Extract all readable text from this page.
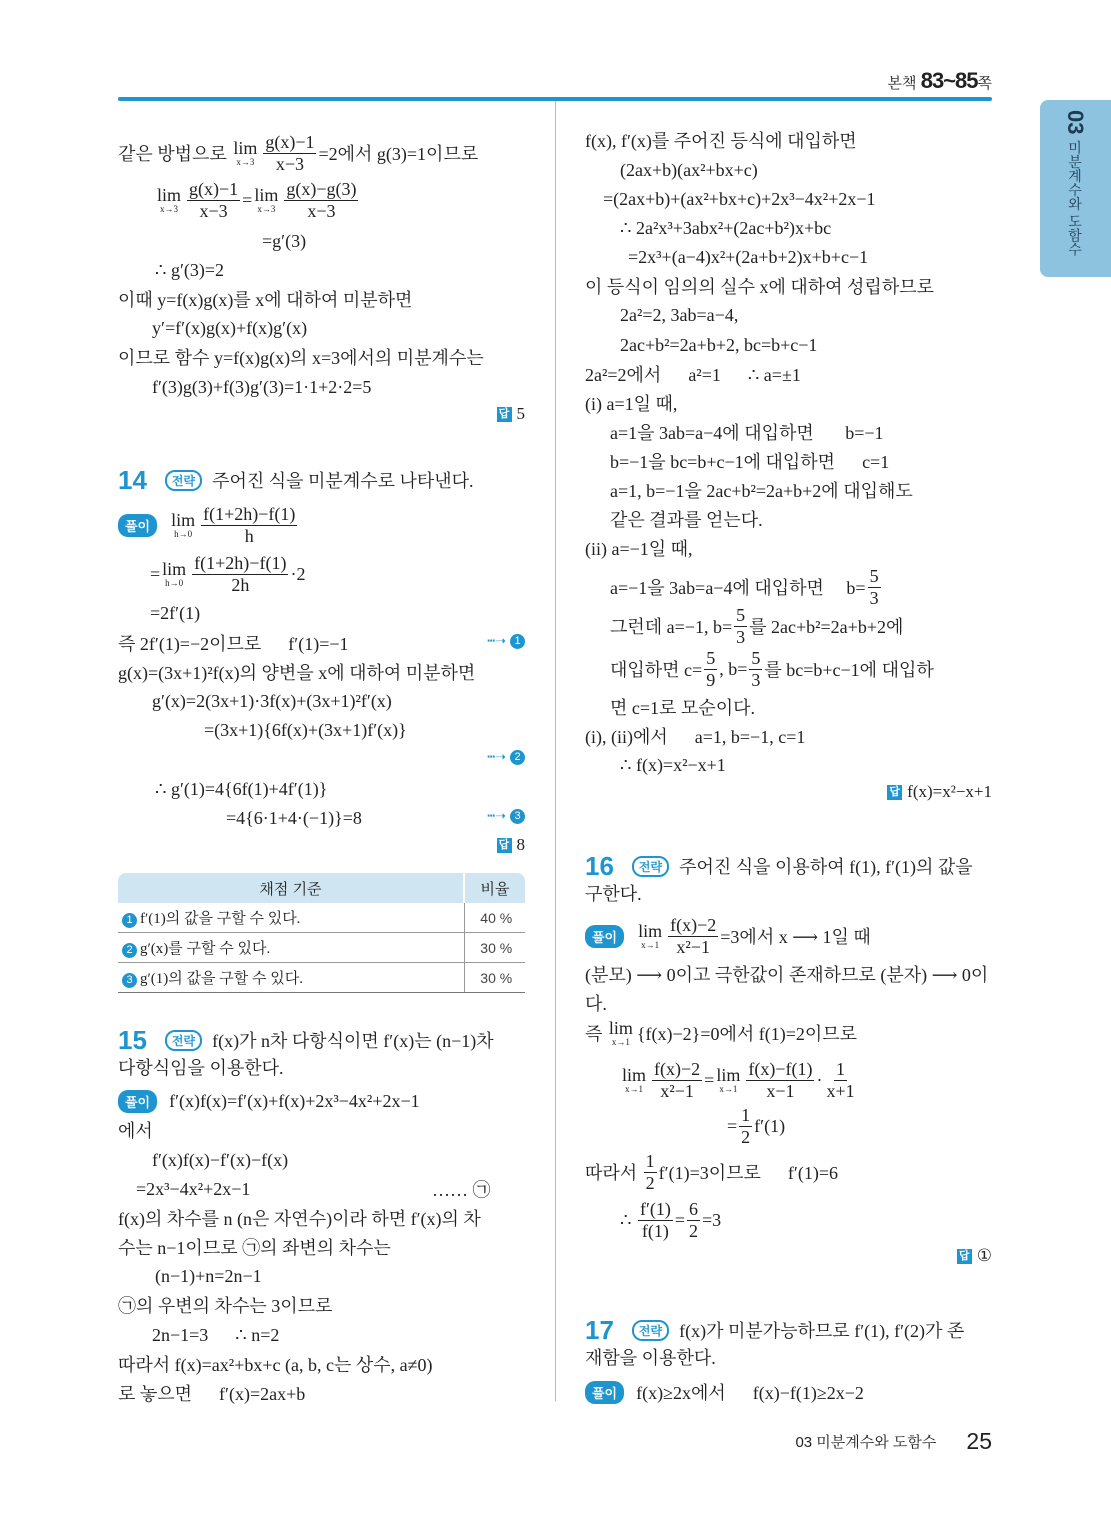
본책 83~85쪽
03미분계수와 도함수
같은 방법으로 lim
$x\to 3 \frac{g(x)-1}{x-3} =2$에서 g(3)=1이므로
lim
$x\to 3 \frac{g(x)-1}{x-3} = \lim$
$x\to 3 \frac{g(x)-g(3)}{x-3}$
=g′(3)
∴ g′(3)=2
이때 y=f(x)g(x)를 x에 대하여 미분하면
y′=f′(x)g(x)+f(x)g′(x)
이므로 함수 y=f(x)g(x)의 x=3에서의 미분계수는
f′(3)g(3)+f(3)g′(3)=1·1+2·2=5
풀이	lim
$h\to 0 \frac{f(1+2h)-f(1)}{h}$
= lim
$h\to 0 \frac{f(1+2h)-f(1)}{2h} \cdot 2$
=2f′(1)
즉 2f′(1)=−2이므로      f′(1)=−1
g(x)=(3x+1)²f(x)의 양변을 x에 대하여 미분하면
g′(x)=2(3x+1)·3f(x)+(3x+1)²f′(x)
=(3x+1){6f(x)+(3x+1)f′(x)}
∴ g′(1)=4{6f(1)+4f′(1)}
=4{6·1+4·(−1)}=8
다항식임을 이용한다.
풀이	f′(x)f(x)=f′(x)+f(x)+2x³−4x²+2x−1
에서
f′(x)f(x)−f′(x)−f(x)
=2x³−4x²+2x−1	…… ㉠
f(x)의 차수를 n (n은 자연수)이라 하면 f′(x)의 차
수는 n−1이므로 ㉠의 좌변의 차수는
(n−1)+n=2n−1
㉠의 우변의 차수는 3이므로
2n−1=3      ∴ n=2
따라서 f(x)=ax²+bx+c (a, b, c는 상수, a≠0)
로 놓으면      f′(x)=2ax+b
f(x), f′(x)를 주어진 등식에 대입하면
(2ax+b)(ax²+bx+c)
=(2ax+b)+(ax²+bx+c)+2x³−4x²+2x−1
∴ 2a²x³+3abx²+(2ac+b²)x+bc
=2x³+(a−4)x²+(2a+b+2)x+b+c−1
이 등식이 임의의 실수 x에 대하여 성립하므로
2a²=2, 3ab=a−4,
2ac+b²=2a+b+2, bc=b+c−1
2a²=2에서      a²=1      ∴ a=±1
(i) a=1일 때,
a=1을 3ab=a−4에 대입하면       b=−1
b=−1을 bc=b+c−1에 대입하면      c=1
a=1, b=−1을 2ac+b²=2a+b+2에 대입해도
같은 결과를 얻는다.
(ii) a=−1일 때,
a=−1을 3ab=a−4에 대입하면     $b= \frac{5}{3}$
그런데 a=−1, $b= \frac{5}{3}$ 를 2ac+b²=2a+b+2에
대입하면 $c= \frac{5}{9}$ , $b= \frac{5}{3}$ 를 bc=b+c−1에 대입하
면 c=1로 모순이다.
(i), (ii)에서      a=1, b=−1, c=1
∴ f(x)=x²−x+1
구한다.
풀이	lim
$x\to 1 \frac{f(x)-2}{\text{x²−1}} =3$에서 x ⟶ 1일 때
(분모) ⟶ 0이고 극한값이 존재하므로 (분자) ⟶ 0이
다.
즉 lim
x→1 {f(x)−2}=0에서 f(1)=2이므로
lim
$x\to 1 \frac{f(x)-2}{\text{x²−1}} = \lim$
$x\to 1 \frac{f(x)-f(1)}{x-1} \cdot \frac{1}{x+1}$
= $\frac{1}{2} f'(1)$
따라서 $\frac{1}{2} f'(1)=3$이므로      f′(1)=6
∴ $\frac{f'(1)}{f(1)} = \frac{6}{2} =3$
재함을 이용한다.
풀이	f(x)≥2x에서      f(x)−f(1)≥2x−2
답 5
답 8
답 f(x)=x²−x+1
답 ①
┅➝ 1
┅➝ 2
┅➝ 3
14	전략 주어진 식을 미분계수로 나타낸다.
15	전략 f(x)가 n차 다항식이면 f′(x)는 (n−1)차
16	전략 주어진 식을 이용하여 f(1), f′(1)의 값을
17	전략 f(x)가 미분가능하므로 f′(1), f′(2)가 존
채점 기준	비율

1 f′(1)의 값을 구할 수 있다.	40 %

2 g′(x)를 구할 수 있다.	30 %

3 g′(1)의 값을 구할 수 있다.	30 %
03 미분계수와 도함수 25
